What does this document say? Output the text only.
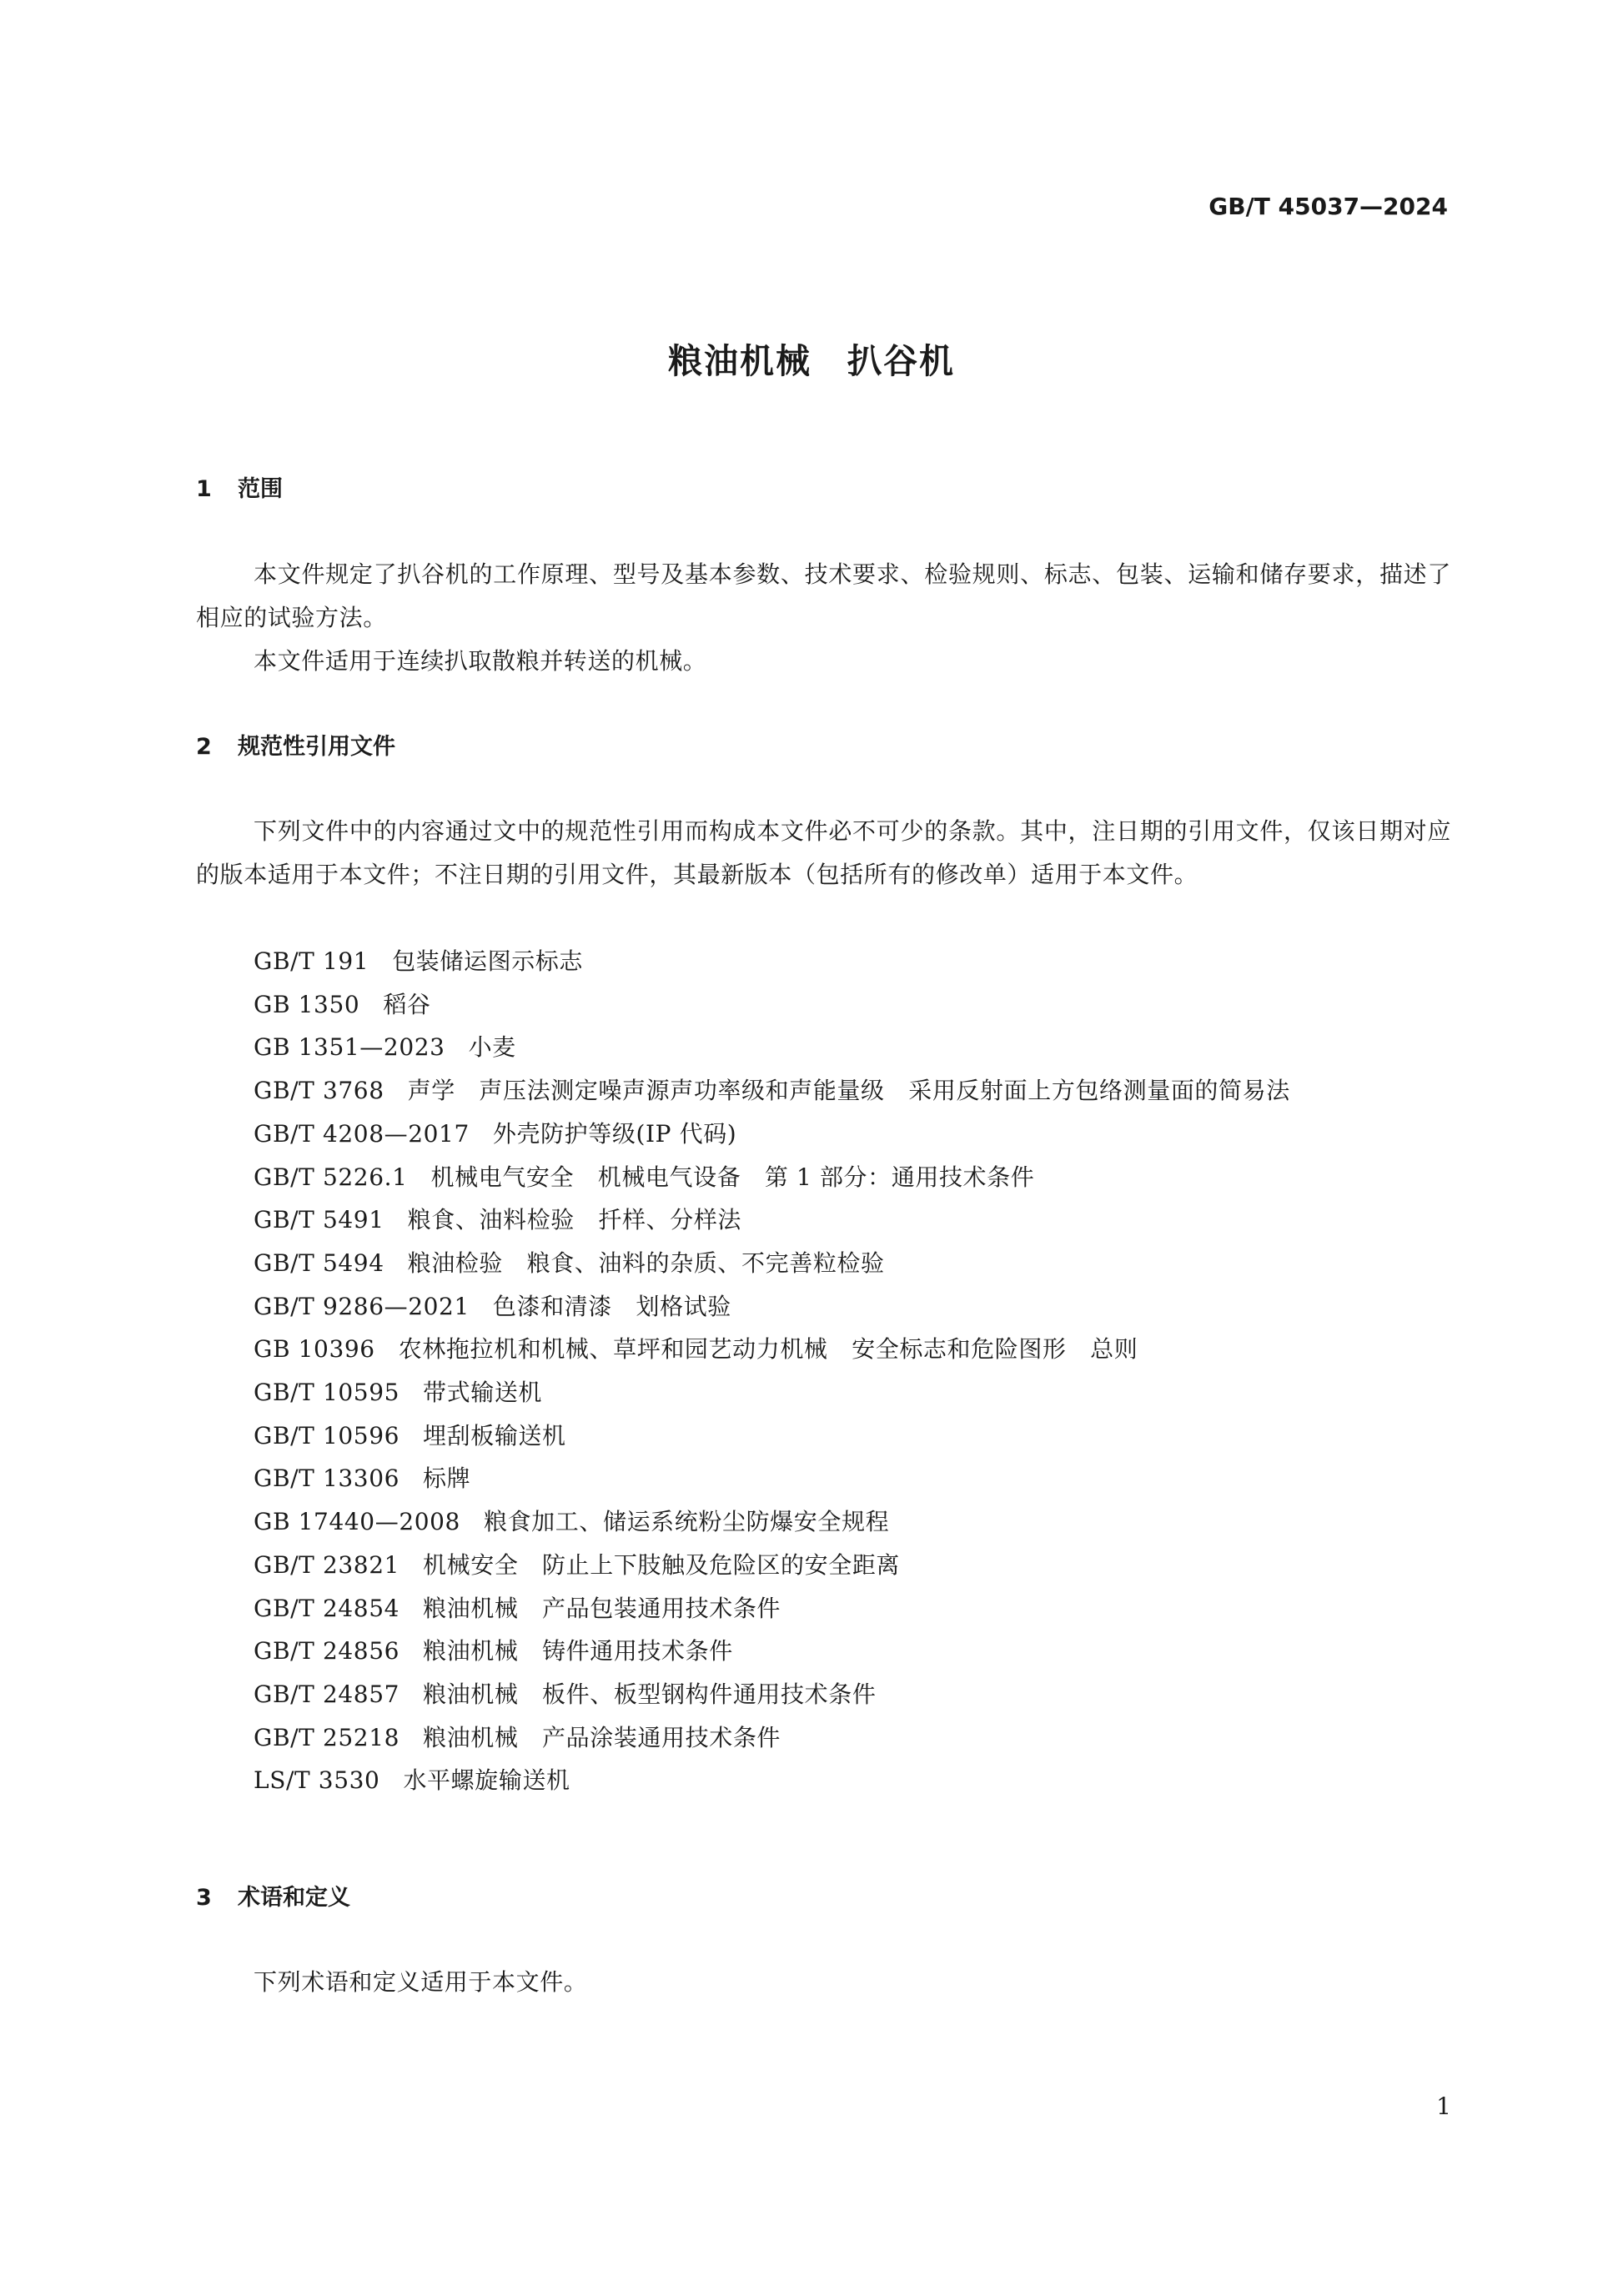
GB/T 45037—2024
粮油机械　扒谷机
1 范围
本文件规定了扒谷机的工作原理、型号及基本参数、技术要求、检验规则、标志、包装、运输和储存要求，描述了相应的试验方法。
本文件适用于连续扒取散粮并转送的机械。
2 规范性引用文件
下列文件中的内容通过文中的规范性引用而构成本文件必不可少的条款。其中，注日期的引用文件，仅该日期对应的版本适用于本文件；不注日期的引用文件，其最新版本（包括所有的修改单）适用于本文件。
GB/T 191 包装储运图示标志
GB 1350 稻谷
GB 1351—2023 小麦
GB/T 3768 声学　声压法测定噪声源声功率级和声能量级　采用反射面上方包络测量面的简易法
GB/T 4208—2017 外壳防护等级(IP 代码)
GB/T 5226.1 机械电气安全　机械电气设备　第 1 部分：通用技术条件
GB/T 5491 粮食、油料检验　扦样、分样法
GB/T 5494 粮油检验　粮食、油料的杂质、不完善粒检验
GB/T 9286—2021 色漆和清漆　划格试验
GB 10396 农林拖拉机和机械、草坪和园艺动力机械　安全标志和危险图形　总则
GB/T 10595 带式输送机
GB/T 10596 埋刮板输送机
GB/T 13306 标牌
GB 17440—2008 粮食加工、储运系统粉尘防爆安全规程
GB/T 23821 机械安全　防止上下肢触及危险区的安全距离
GB/T 24854 粮油机械　产品包装通用技术条件
GB/T 24856 粮油机械　铸件通用技术条件
GB/T 24857 粮油机械　板件、板型钢构件通用技术条件
GB/T 25218 粮油机械　产品涂装通用技术条件
LS/T 3530 水平螺旋输送机
3 术语和定义
下列术语和定义适用于本文件。
1
